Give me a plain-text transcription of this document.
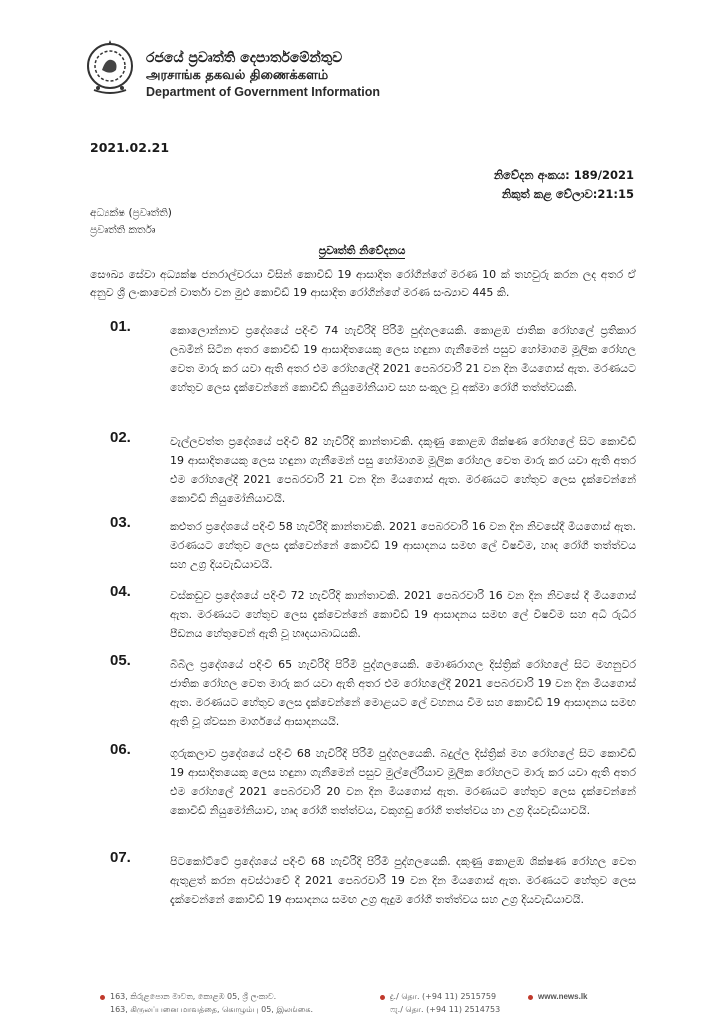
රජයේ ප්‍රවෘත්ති දෙපාර්තමේන්තුව
அரசாங்க தகவல் திணைக்களம்
Department of Government Information
2021.02.21
නිවේදන අංකය: 189/2021
නිකුත් කළ වේලාව:21:15
අධ්‍යක්ෂ (ප්‍රවෘත්ති)
ප්‍රවෘත්ති කර්තෘ
ප්‍රවෘත්ති නිවේදනය
සෞඛ්‍ය සේවා අධ්‍යක්ෂ ජනරාල්වරයා විසින් කොවිඩ් 19 ආසාදිත රෝගීන්ගේ මරණ 10 ක් තහවුරු කරන ලද අතර ඒ අනුව ශ්‍රී ලංකාවෙන් වාර්තා වන මුළු කොවිඩ් 19 ආසාදිත රෝගීන්ගේ මරණ සංඛ්‍යාව 445 කි.
01.	කොලොන්නාව ප්‍රදේශයේ පදිංචි 74 හැවිරිදි පිරිමි පුද්ගලයෙකි. කොළඹ ජාතික රෝහලේ ප්‍රතිකාර ලබමින් සිටින අතර කොවිඩ් 19 ආසාදිතයෙකු ලෙස හඳුනා ගැනීමෙන් පසුව හෝමාගම මූලික රෝහල වෙත මාරු කර යවා ඇති අතර එම රෝහලේදී 2021 පෙබරවාරි 21 වන දින මියගොස් ඇත. මරණයට හේතුව ලෙස දැක්වෙන්නේ කොවිඩ් නියුමෝනියාව සහ සංකූල වූ අක්මා රෝගී තත්ත්වයකි.
02.	වැල්ලවත්ත ප්‍රදේශයේ පදිංචි 82 හැවිරිදි කාන්තාවකි. දකුණු කොළඹ ශික්ෂණ රෝහලේ සිට කොවිඩ් 19 ආසාදිතයෙකු ලෙස හඳුනා ගැනීමෙන් පසු හෝමාගම මූලික රෝහල වෙත මාරු කර යවා ඇති අතර එම රෝහලේදී 2021 පෙබරවාරි 21 වන දින මියගොස් ඇත. මරණයට හේතුව ලෙස දැක්වෙන්නේ කොවිඩ් නියුමෝනියාවයි.
03.	කළුතර ප්‍රදේශයේ පදිංචි 58 හැවිරිදි කාන්තාවකි. 2021 පෙබරවාරි 16 වන දින නිවසේදී මියගොස් ඇත. මරණයට හේතුව ලෙස දැක්වෙන්නේ කොවිඩ් 19 ආසාදනය සමඟ ලේ විෂවීම, හෘද රෝගී තත්ත්වය සහ උග්‍ර දියවැඩියාවයි.
04.	වස්කඩුව ප්‍රදේශයේ පදිංචි 72 හැවිරිදි කාන්තාවකි. 2021 පෙබරවාරි 16 වන දින නිවසේ දී මියගොස් ඇත. මරණයට හේතුව ලෙස දැක්වෙන්නේ කොවිඩ් 19 ආසාදනය සමඟ ලේ විෂවීම සහ අධි රුධිර පීඩනය හේතුවෙන් ඇති වූ හෘදයාබාධයකි.
05.	බිබිල ප්‍රදේශයේ පදිංචි 65 හැවිරිදි පිරිමි පුද්ගලයෙකි. මොණරාගල දිස්ත්‍රික් රෝහලේ සිට මහනුවර ජාතික රෝහල වෙත මාරු කර යවා ඇති අතර එම රෝහලේදී 2021 පෙබරවාරි 19 වන දින මියගොස් ඇත. මරණයට හේතුව ලෙස දැක්වෙන්නේ මොළයට ලේ වහනය වීම සහ කොවිඩ් 19 ආසාදනය සමඟ ඇති වූ ශ්වසන මාර්ගයේ ආසාදනයයි.
06.	ගුරුකලාව ප්‍රදේශයේ පදිංචි 68 හැවිරිදි පිරිමි පුද්ගලයෙකි. බදුල්ල දිස්ත්‍රික් මහ රෝහලේ සිට කොවිඩ් 19 ආසාදිතයෙකු ලෙස හඳුනා ගැනීමෙන් පසුව මුල්ලේරියාව මූලික රෝහලට මාරු කර යවා ඇති අතර එම රෝහලේ 2021 පෙබරවාරි 20 වන දින මියගොස් ඇත. මරණයට හේතුව ලෙස දැක්වෙන්නේ කොවිඩ් නියුමෝනියාව, හෘද රෝගී තත්ත්වය, වකුගඩු රෝගී තත්ත්වය හා උග්‍ර දියවැඩියාවයි.
07.	පිටකෝට්ටේ ප්‍රදේශයේ පදිංචි 68 හැවිරිදි පිරිමි පුද්ගලයෙකි. දකුණු කොළඹ ශික්ෂණ රෝහල වෙත ඇතුළත් කරන අවස්ථාවේ දී 2021 පෙබරවාරි 19 වන දින මියගොස් ඇත. මරණයට හේතුව ලෙස දැක්වෙන්නේ කොවිඩ් 19 ආසාදනය සමඟ උග්‍ර ඇදුම රෝගී තත්ත්වය සහ උග්‍ර දියවැඩියාවයි.
163, කිරුළපොන මාවත, කොළඹ 05, ශ්‍රී ලංකාව.
163, கிருலப்பனை மாவத்தை, கொழும்பு 05, இலங்கை.
දු./ தொ. (+94 11) 2515759
ෆැ./ தொ. (+94 11) 2514753
www.news.lk
